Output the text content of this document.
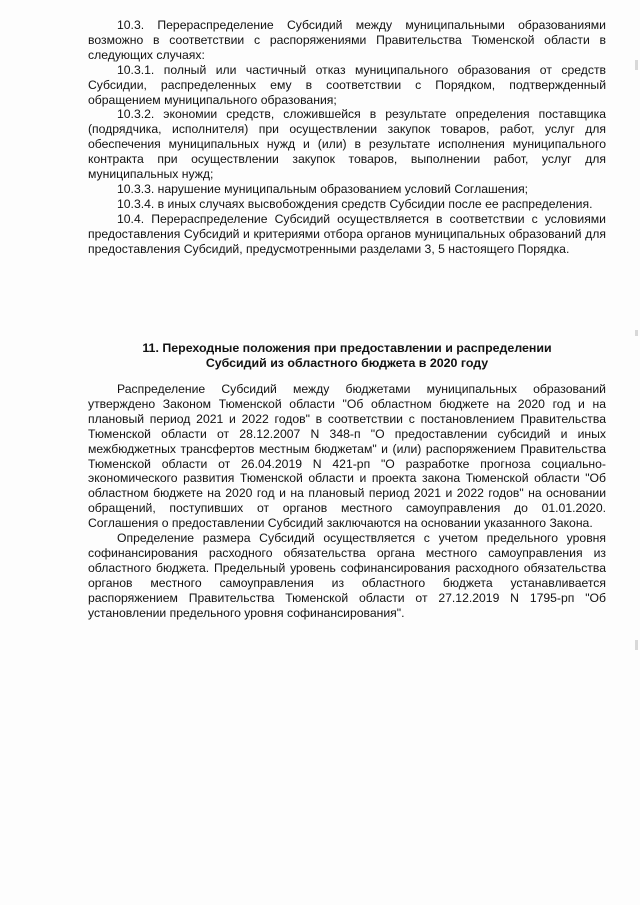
10.3. Перераспределение Субсидий между муниципальными образованиями возможно в соответствии с распоряжениями Правительства Тюменской области в следующих случаях:

10.3.1. полный или частичный отказ муниципального образования от средств Субсидии, распределенных ему в соответствии с Порядком, подтвержденный обращением муниципального образования;

10.3.2. экономии средств, сложившейся в результате определения поставщика (подрядчика, исполнителя) при осуществлении закупок товаров, работ, услуг для обеспечения муниципальных нужд и (или) в результате исполнения муниципального контракта при осуществлении закупок товаров, выполнении работ, услуг для муниципальных нужд;

10.3.3. нарушение муниципальным образованием условий Соглашения;

10.3.4. в иных случаях высвобождения средств Субсидии после ее распределения.

10.4. Перераспределение Субсидий осуществляется в соответствии с условиями предоставления Субсидий и критериями отбора органов муниципальных образований для предоставления Субсидий, предусмотренными разделами 3, 5 настоящего Порядка.

11. Переходные положения при предоставлении и распределении
Субсидий из областного бюджета в 2020 году

Распределение Субсидий между бюджетами муниципальных образований утверждено Законом Тюменской области "Об областном бюджете на 2020 год и на плановый период 2021 и 2022 годов" в соответствии с постановлением Правительства Тюменской области от 28.12.2007 N 348-п "О предоставлении субсидий и иных межбюджетных трансфертов местным бюджетам" и (или) распоряжением Правительства Тюменской области от 26.04.2019 N 421-рп "О разработке прогноза социально-экономического развития Тюменской области и проекта закона Тюменской области "Об областном бюджете на 2020 год и на плановый период 2021 и 2022 годов" на основании обращений, поступивших от органов местного самоуправления до 01.01.2020. Соглашения о предоставлении Субсидий заключаются на основании указанного Закона.

Определение размера Субсидий осуществляется с учетом предельного уровня софинансирования расходного обязательства органа местного самоуправления из областного бюджета. Предельный уровень софинансирования расходного обязательства органов местного самоуправления из областного бюджета устанавливается распоряжением Правительства Тюменской области от 27.12.2019 N 1795-рп "Об установлении предельного уровня софинансирования".
